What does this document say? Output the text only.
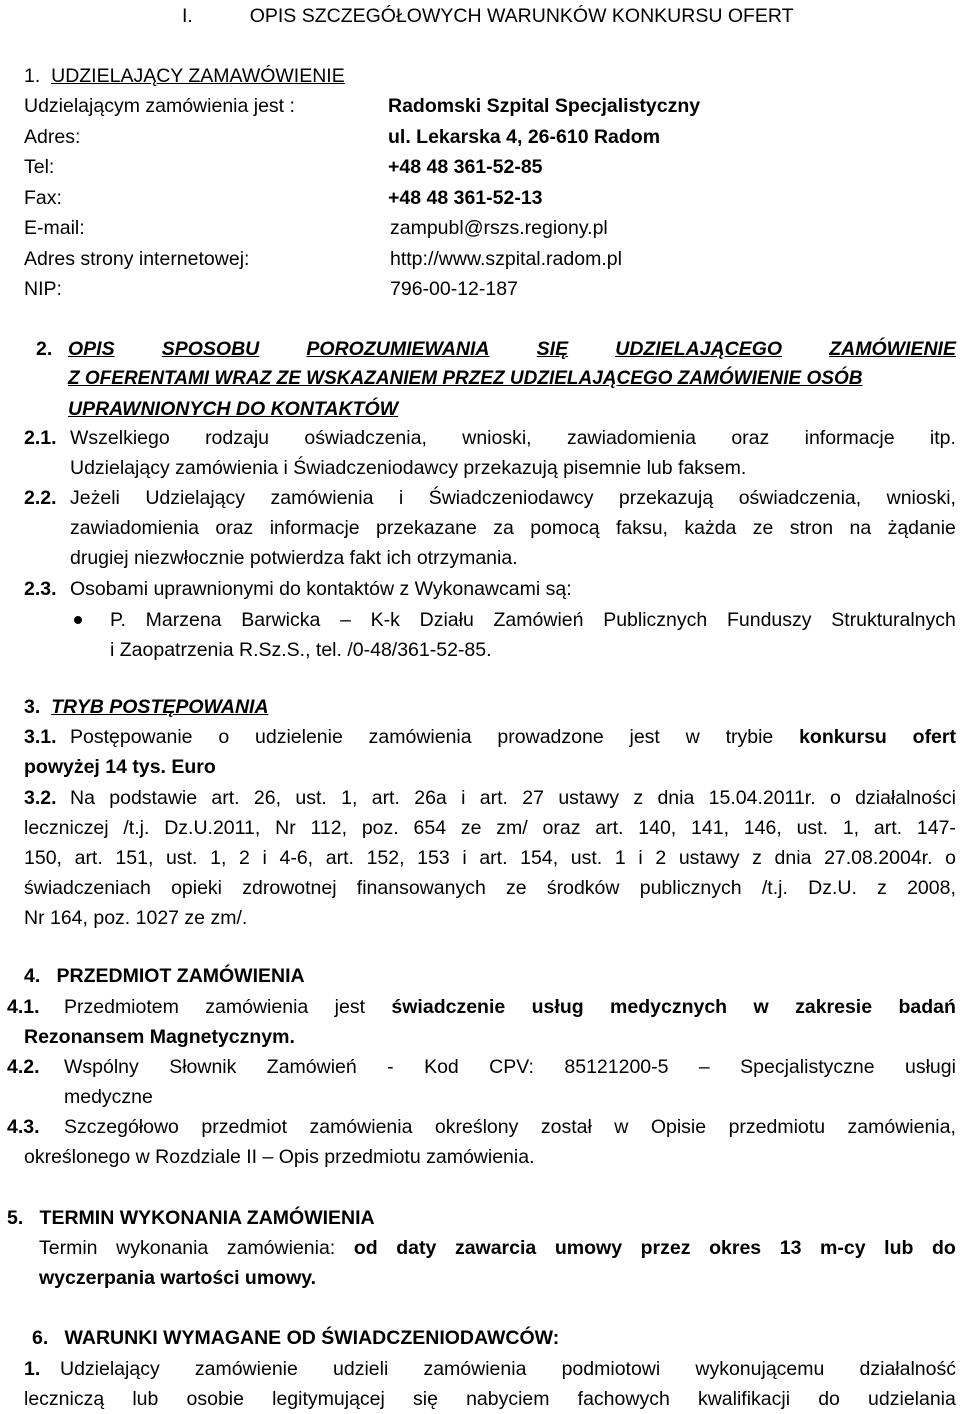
I.	OPIS SZCZEGÓŁOWYCH WARUNKÓW KONKURSU OFERT
1. UDZIELAJĄCY ZAMAWÓWIENIE
Udzielającym zamówienia jest :	Radomski Szpital Specjalistyczny
Adres:	ul. Lekarska 4, 26-610 Radom
Tel:	+48 48 361-52-85
Fax:	+48 48 361-52-13
E-mail:	zampubl@rszs.regiony.pl
Adres strony internetowej:	http://www.szpital.radom.pl
NIP:	796-00-12-187
2. OPIS SPOSOBU POROZUMIEWANIA SIĘ UDZIELAJĄCEGO ZAMÓWIENIE
Z OFERENTAMI WRAZ ZE WSKAZANIEM PRZEZ UDZIELAJĄCEGO ZAMÓWIENIE OSÓB
UPRAWNIONYCH DO KONTAKTÓW
2.1. Wszelkiego rodzaju oświadczenia, wnioski, zawiadomienia oraz informacje itp.
Udzielający zamówienia i Świadczeniodawcy przekazują pisemnie lub faksem.
2.2. Jeżeli Udzielający zamówienia i Świadczeniodawcy przekazują oświadczenia, wnioski,
zawiadomienia oraz informacje przekazane za pomocą faksu, każda ze stron na żądanie
drugiej niezwłocznie potwierdza fakt ich otrzymania.
2.3. Osobami uprawnionymi do kontaktów z Wykonawcami są:
P. Marzena Barwicka – K-k Działu Zamówień Publicznych Funduszy Strukturalnych
i Zaopatrzenia R.Sz.S., tel. /0-48/361-52-85.
3. TRYB POSTĘPOWANIA
3.1. Postępowanie o udzielenie zamówienia prowadzone jest w trybie konkursu ofert
powyżej 14 tys. Euro
3.2. Na podstawie art. 26, ust. 1, art. 26a i art. 27 ustawy z dnia 15.04.2011r. o działalności
leczniczej /t.j. Dz.U.2011, Nr 112, poz. 654 ze zm/ oraz art. 140, 141, 146, ust. 1, art. 147-
150, art. 151, ust. 1, 2 i 4-6, art. 152, 153 i art. 154, ust. 1 i 2 ustawy z dnia 27.08.2004r. o
świadczeniach opieki zdrowotnej finansowanych ze środków publicznych /t.j. Dz.U. z 2008,
Nr 164, poz. 1027 ze zm/.
4. PRZEDMIOT ZAMÓWIENIA
4.1. Przedmiotem zamówienia jest świadczenie usług medycznych w zakresie badań
Rezonansem Magnetycznym.
4.2. Wspólny Słownik Zamówień - Kod CPV: 85121200-5 – Specjalistyczne usługi
medyczne
4.3. Szczegółowo przedmiot zamówienia określony został w Opisie przedmiotu zamówienia,
określonego w Rozdziale II – Opis przedmiotu zamówienia.
5. TERMIN WYKONANIA ZAMÓWIENIA
Termin wykonania zamówienia: od daty zawarcia umowy przez okres 13 m-cy lub do
wyczerpania wartości umowy.
6. WARUNKI WYMAGANE OD ŚWIADCZENIODAWCÓW:
1. Udzielający zamówienie udzieli zamówienia podmiotowi wykonującemu działalność
leczniczą lub osobie legitymującej się nabyciem fachowych kwalifikacji do udzielania
